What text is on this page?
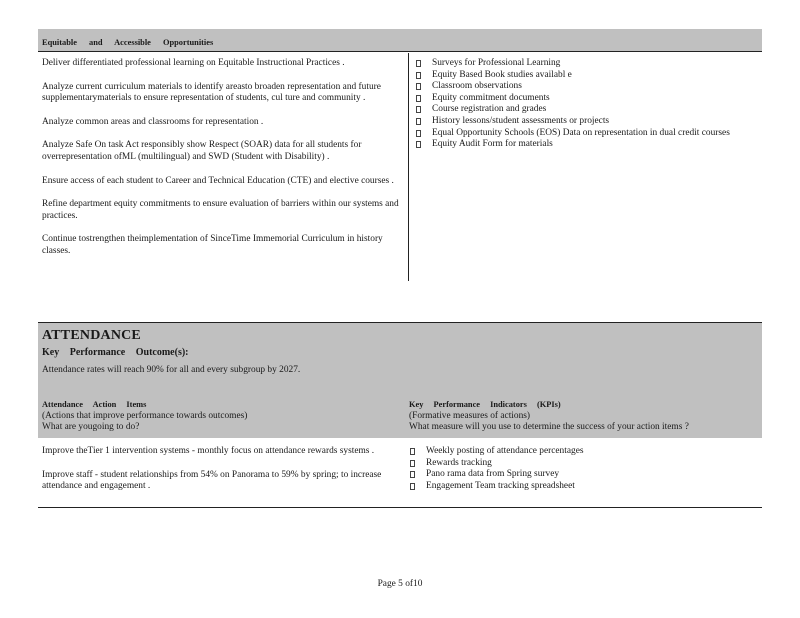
Equitable and Accessible Opportunities

Deliver differentiated professional learning on Equitable Instructional Practices .

Analyze current curriculum materials to identify areasto broaden representation and future supplementarymaterials to ensure representation of students, cul ture and community .

Analyze common areas and classrooms for representation .

Analyze Safe On task Act responsibly show Respect (SOAR) data for all students for overrepresentation ofML (multilingual) and SWD (Student with Disability) .

Ensure access of each student to Career and Technical Education (CTE) and elective courses .

Refine department equity commitments to ensure evaluation of barriers within our systems and practices.

Continue tostrengthen theimplementation of SinceTime Immemorial Curriculum in history classes.

Surveys for Professional Learning
Equity Based Book studies availabl e
Classroom observations
Equity commitment documents
Course registration and grades
History lessons/student assessments or projects
Equal Opportunity Schools (EOS) Data on representation in dual credit courses
Equity Audit Form for materials
ATTENDANCE
Key Performance Outcome(s):
Attendance rates will reach 90% for all and every subgroup by 2027.
Attendance Action Items
(Actions that improve performance towards outcomes)
What are yougoing to do?
Key Performance Indicators (KPIs)
(Formative measures of actions)
What measure will you use to determine the success of your action items ?

Improve theTier 1 intervention systems - monthly focus on attendance rewards systems .

Improve staff - student relationships from 54% on Panorama to 59% by spring; to increase attendance and engagement .

Weekly posting of attendance percentages
Rewards tracking
Pano rama data from Spring survey
Engagement Team tracking spreadsheet
Page 5 of10
